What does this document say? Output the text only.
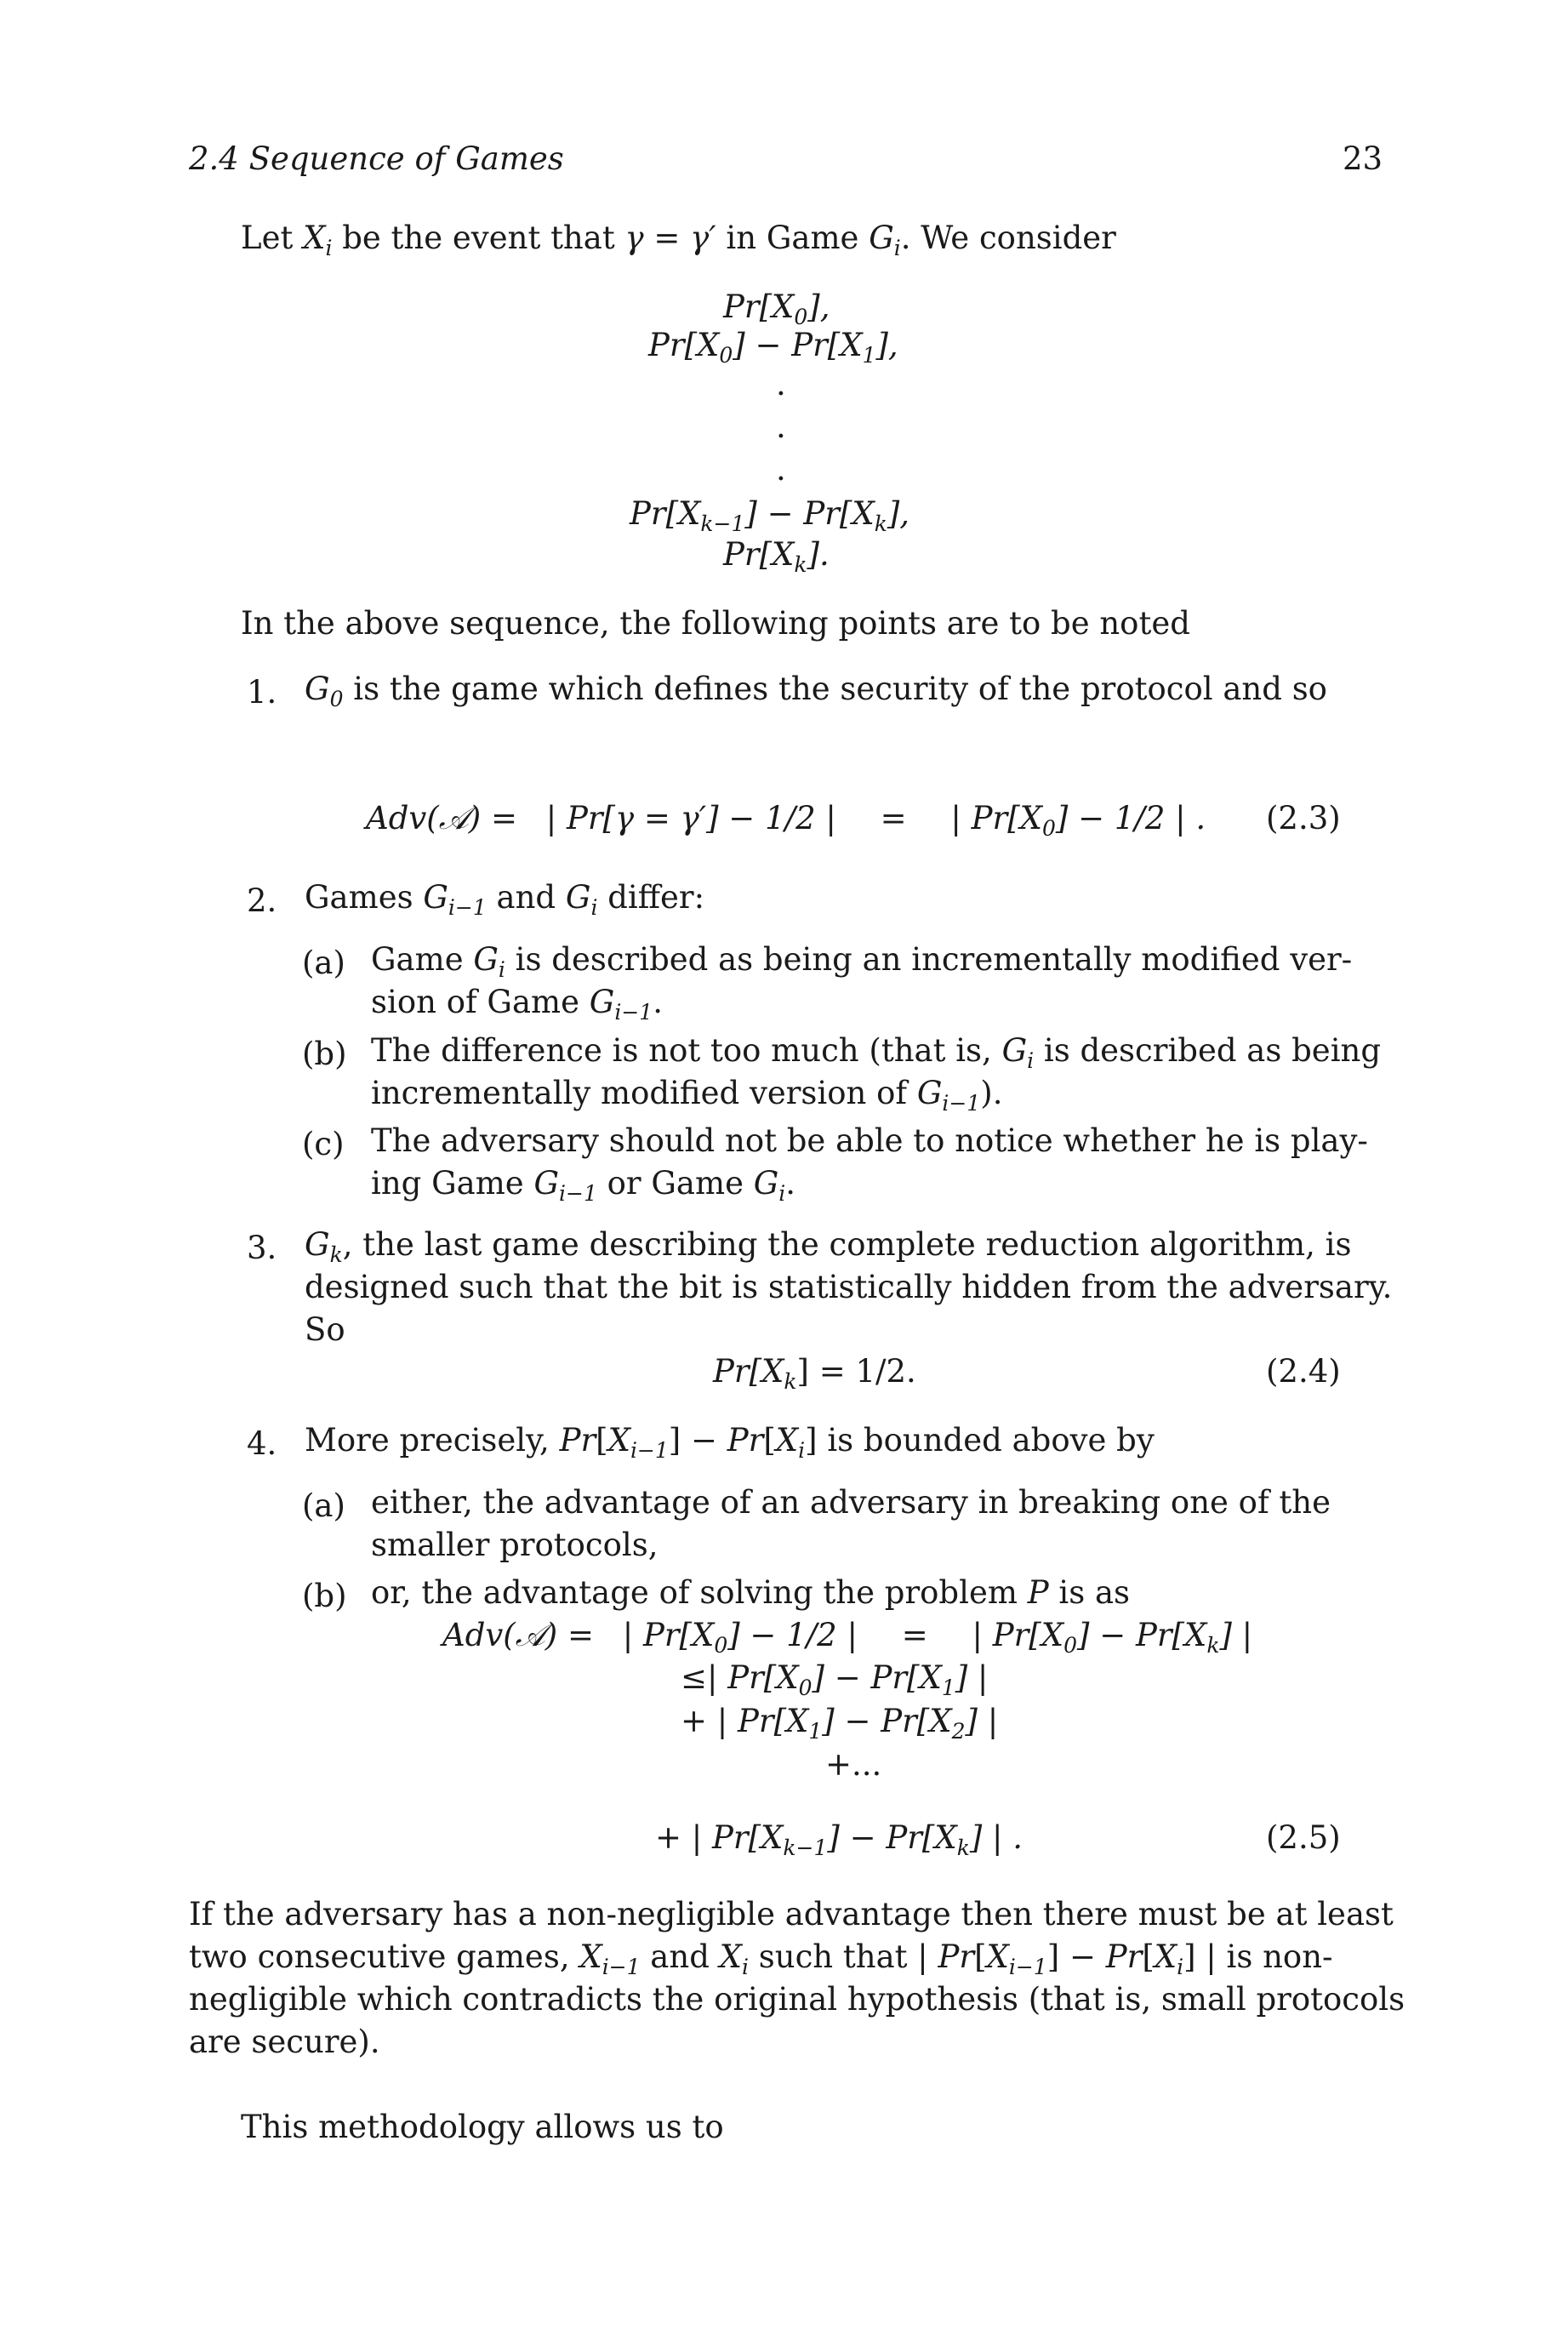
2.4 Sequence of Games	23
Let $X_i$ be the event that γ = γ′ in Game $G_i$. We consider
$Pr[X_0]$,
$Pr[X_0] - Pr[X_1]$,
.
.
.
$Pr[X_{k-1}] - Pr[X_k]$,
$Pr[X_k]$.
In the above sequence, the following points are to be noted
1. $G_0$ is the game which defines the security of the protocol and so
Adv(𝒜) = | Pr[γ = γ′] − 1/2 | = | $Pr[X_0] - 1/2$ | . (2.3)
2. Games $G_{i-1}$ and $G_i$ differ:
(a) Game $G_i$ is described as being an incrementally modified ver-
sion of Game $G_{i-1}$.
(b) The difference is not too much (that is, $G_i$ is described as being
incrementally modified version of $G_{i-1}$).
(c) The adversary should not be able to notice whether he is play-
ing Game $G_{i-1}$ or Game $G_i$.
3. $G_k$, the last game describing the complete reduction algorithm, is
designed such that the bit is statistically hidden from the adversary.
So
$Pr[X_k] = 1/2$.	(2.4)
4. More precisely, $Pr[X_{i-1}] - Pr[X_i]$ is bounded above by
(a) either, the advantage of an adversary in breaking one of the
smaller protocols,
(b) or, the advantage of solving the problem P is as
Adv(𝒜) = | $Pr[X_0] - 1/2$ | = | $Pr[X_0] - Pr[X_k]$ |
≤| $Pr[X_0] - Pr[X_1]$ |
+ | $Pr[X_1] - Pr[X_2]$ |
+...
+ | $Pr[X_{k-1}] - Pr[X_k]$ | .	(2.5)
If the adversary has a non-negligible advantage then there must be at least
two consecutive games, $X_{i-1}$ and $X_i$ such that | $Pr[X_{i-1}] - Pr[X_i]$ | is non-
negligible which contradicts the original hypothesis (that is, small protocols
are secure).
This methodology allows us to
